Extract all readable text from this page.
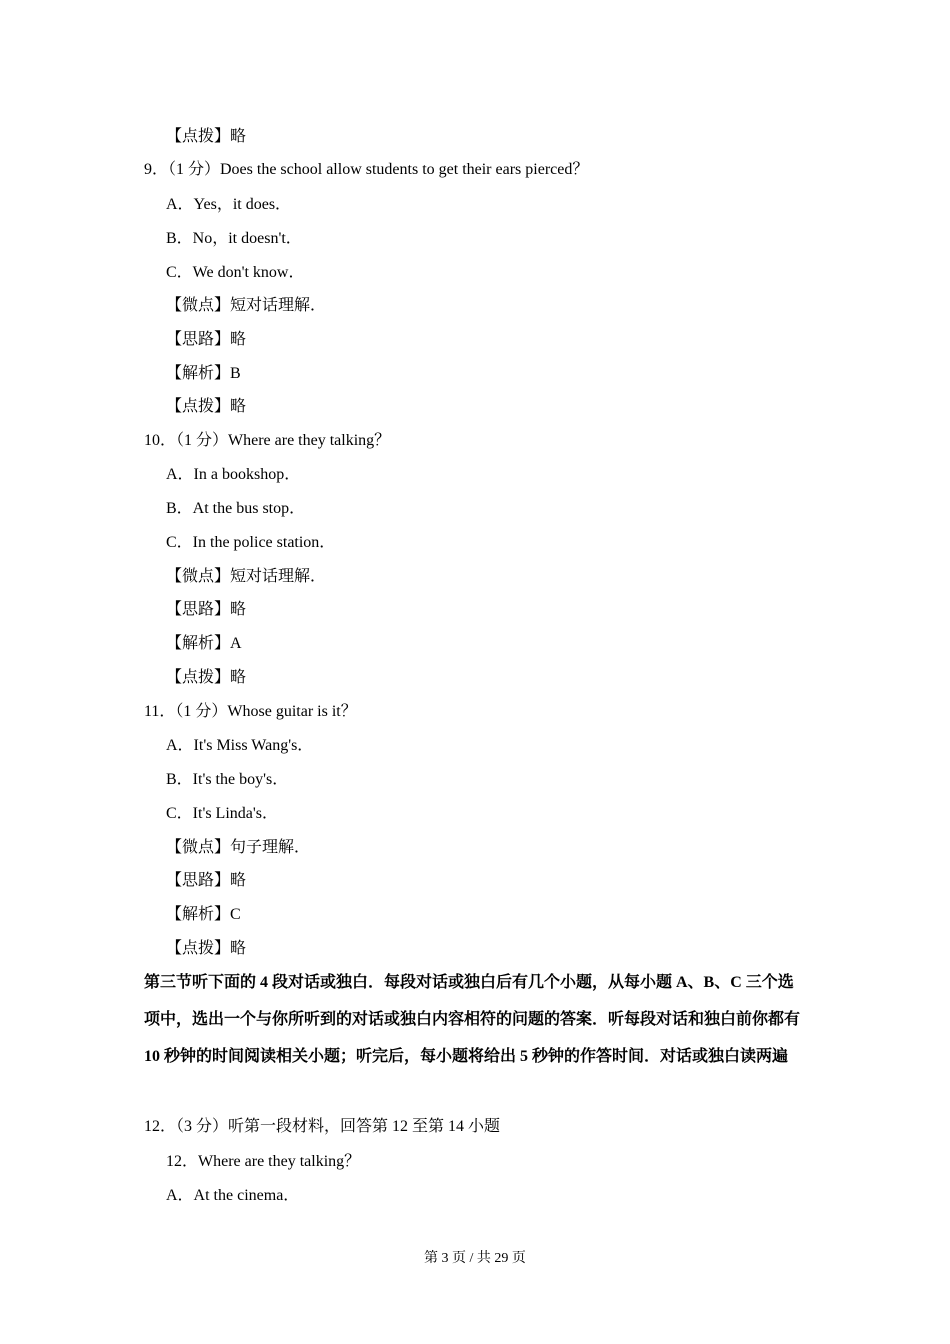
【点拨】略
9．（1 分）Does the school allow students to get their ears pierced？
A．Yes，it does．
B．No，it doesn't．
C．We don't know．
【微点】短对话理解．
【思路】略
【解析】B
【点拨】略
10．（1 分）Where are they talking？
A．In a bookshop．
B．At the bus stop．
C．In the police station．
【微点】短对话理解．
【思路】略
【解析】A
【点拨】略
11．（1 分）Whose guitar is it？
A．It's Miss Wang's．
B．It's the boy's．
C．It's Linda's．
【微点】句子理解．
【思路】略
【解析】C
【点拨】略
第三节听下面的 4 段对话或独白．每段对话或独白后有几个小题，从每小题 A、B、C 三个选项中，选出一个与你所听到的对话或独白内容相符的问题的答案．听每段对话和独白前你都有 10 秒钟的时间阅读相关小题；听完后，每小题将给出 5 秒钟的作答时间．对话或独白读两遍
12．（3 分）听第一段材料，回答第 12 至第 14 小题
12．Where are they talking？
A．At the cinema．
第 3 页 / 共 29 页
